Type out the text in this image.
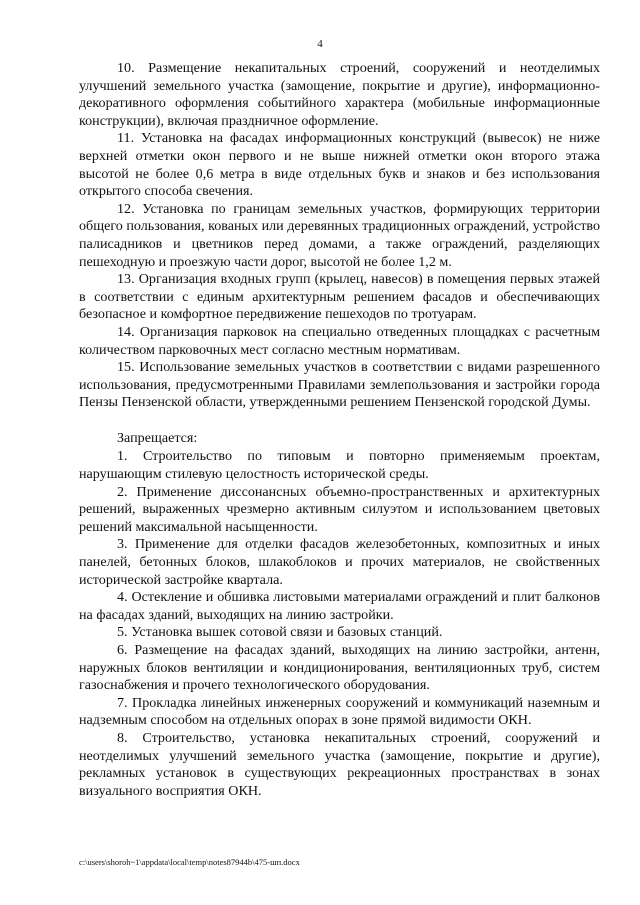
4

10. Размещение некапитальных строений, сооружений и неотделимых улучшений земельного участка (замощение, покрытие и другие), информационно-декоративного оформления событийного характера (мобильные информационные конструкции), включая праздничное оформление.

11. Установка на фасадах информационных конструкций (вывесок) не ниже верхней отметки окон первого и не выше нижней отметки окон второго этажа высотой не более 0,6 метра в виде отдельных букв и знаков и без использования открытого способа свечения.

12. Установка по границам земельных участков, формирующих территории общего пользования, кованых или деревянных традиционных ограждений, устройство палисадников и цветников перед домами, а также ограждений, разделяющих пешеходную и проезжую части дорог, высотой не более 1,2 м.

13. Организация входных групп (крылец, навесов) в помещения первых этажей в соответствии с единым архитектурным решением фасадов и обеспечивающих безопасное и комфортное передвижение пешеходов по тротуарам.

14. Организация парковок на специально отведенных площадках с расчетным количеством парковочных мест согласно местным нормативам.

15. Использование земельных участков в соответствии с видами разрешенного использования, предусмотренными Правилами землепользования и застройки города Пензы Пензенской области, утвержденными решением Пензенской городской Думы.

Запрещается:

1. Строительство по типовым и повторно применяемым проектам, нарушающим стилевую целостность исторической среды.

2. Применение диссонансных объемно-пространственных и архитектурных решений, выраженных чрезмерно активным силуэтом и использованием цветовых решений максимальной насыщенности.

3. Применение для отделки фасадов железобетонных, композитных и иных панелей, бетонных блоков, шлакоблоков и прочих материалов, не свойственных исторической застройке квартала.

4. Остекление и обшивка листовыми материалами ограждений и плит балконов на фасадах зданий, выходящих на линию застройки.

5. Установка вышек сотовой связи и базовых станций.

6. Размещение на фасадах зданий, выходящих на линию застройки, антенн, наружных блоков вентиляции и кондиционирования, вентиляционных труб, систем газоснабжения и прочего технологического оборудования.

7. Прокладка линейных инженерных сооружений и коммуникаций наземным и надземным способом на отдельных опорах в зоне прямой видимости ОКН.

8. Строительство, установка некапитальных строений, сооружений и неотделимых улучшений земельного участка (замощение, покрытие и другие), рекламных установок в существующих рекреационных пространствах в зонах визуального восприятия ОКН.

c:\users\shoroh~1\appdata\local\temp\notes87944b\475-шп.docx
